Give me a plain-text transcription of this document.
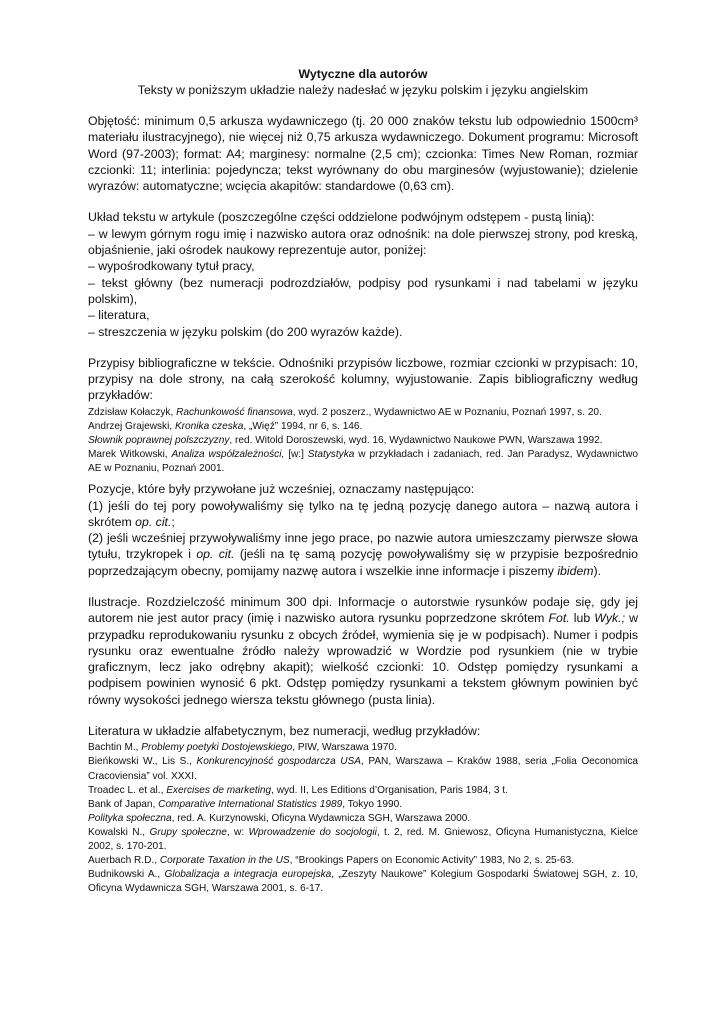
Wytyczne dla autorów

Teksty w poniższym układzie należy nadesłać w języku polskim i języku angielskim

Objętość: minimum 0,5 arkusza wydawniczego (tj. 20 000 znaków tekstu lub odpowiednio 1500cm³ materiału ilustracyjnego), nie więcej niż 0,75 arkusza wydawniczego. Dokument programu: Microsoft Word (97-2003); format: A4; marginesy: normalne (2,5 cm); czcionka: Times New Roman, rozmiar czcionki: 11; interlinia: pojedyncza; tekst wyrównany do obu marginesów (wyjustowanie); dzielenie wyrazów: automatyczne; wcięcia akapitów: standardowe (0,63 cm).

Układ tekstu w artykule (poszczególne części oddzielone podwójnym odstępem - pustą linią):

– w lewym górnym rogu imię i nazwisko autora oraz odnośnik: na dole pierwszej strony, pod kreską, objaśnienie, jaki ośrodek naukowy reprezentuje autor, poniżej:

– wypośrodkowany tytuł pracy,

– tekst główny (bez numeracji podrozdziałów, podpisy pod rysunkami i nad tabelami w języku polskim),

– literatura,

– streszczenia w języku polskim (do 200 wyrazów każde).

Przypisy bibliograficzne w tekście. Odnośniki przypisów liczbowe, rozmiar czcionki w przypisach: 10, przypisy na dole strony, na całą szerokość kolumny, wyjustowanie. Zapis bibliograficzny według przykładów:

Zdzisław Kołaczyk, Rachunkowość finansowa, wyd. 2 poszerz., Wydawnictwo AE w Poznaniu, Poznań 1997, s. 20.

Andrzej Grajewski, Kronika czeska, „Więź” 1994, nr 6, s. 146.

Słownik poprawnej polszczyzny, red. Witold Doroszewski, wyd. 16, Wydawnictwo Naukowe PWN, Warszawa 1992.

Marek Witkowski, Analiza współzależności, [w:] Statystyka w przykładach i zadaniach, red. Jan Paradysz, Wydawnictwo AE w Poznaniu, Poznań 2001.

Pozycje, które były przywołane już wcześniej, oznaczamy następująco:

(1) jeśli do tej pory powoływaliśmy się tylko na tę jedną pozycję danego autora – nazwą autora i skrótem op. cit.;

(2) jeśli wcześniej przywoływaliśmy inne jego prace, po nazwie autora umieszczamy pierwsze słowa tytułu, trzykropek i op. cit. (jeśli na tę samą pozycję powoływaliśmy się w przypisie bezpośrednio poprzedzającym obecny, pomijamy nazwę autora i wszelkie inne informacje i piszemy ibidem).

Ilustracje. Rozdzielczość minimum 300 dpi. Informacje o autorstwie rysunków podaje się, gdy jej autorem nie jest autor pracy (imię i nazwisko autora rysunku poprzedzone skrótem Fot. lub Wyk.; w przypadku reprodukowaniu rysunku z obcych źródeł, wymienia się je w podpisach). Numer i podpis rysunku oraz ewentualne źródło należy wprowadzić w Wordzie pod rysunkiem (nie w trybie graficznym, lecz jako odrębny akapit); wielkość czcionki: 10. Odstęp pomiędzy rysunkami a podpisem powinien wynosić 6 pkt. Odstęp pomiędzy rysunkami a tekstem głównym powinien być równy wysokości jednego wiersza tekstu głównego (pusta linia).

Literatura w układzie alfabetycznym, bez numeracji, według przykładów:

Bachtin M., Problemy poetyki Dostojewskiego, PIW, Warszawa 1970.

Bieńkowski W., Lis S., Konkurencyjność gospodarcza USA, PAN, Warszawa – Kraków 1988, seria „Folia Oeconomica Cracoviensia” vol. XXXI.

Troadec L. et al., Exercises de marketing, wyd. II, Les Editions d’Organisation, Paris 1984, 3 t.

Bank of Japan, Comparative International Statistics 1989, Tokyo 1990.

Polityka społeczna, red. A. Kurzynowski, Oficyna Wydawnicza SGH, Warszawa 2000.

Kowalski N., Grupy społeczne, w: Wprowadzenie do socjologii, t. 2, red. M. Gniewosz, Oficyna Humanistyczna, Kielce 2002, s. 170-201.

Auerbach R.D., Corporate Taxation in the US, “Brookings Papers on Economic Activity” 1983, No 2, s. 25-63.

Budnikowski A., Globalizacja a integracja europejska, „Zeszyty Naukowe” Kolegium Gospodarki Światowej SGH, z. 10, Oficyna Wydawnicza SGH, Warszawa 2001, s. 6-17.
